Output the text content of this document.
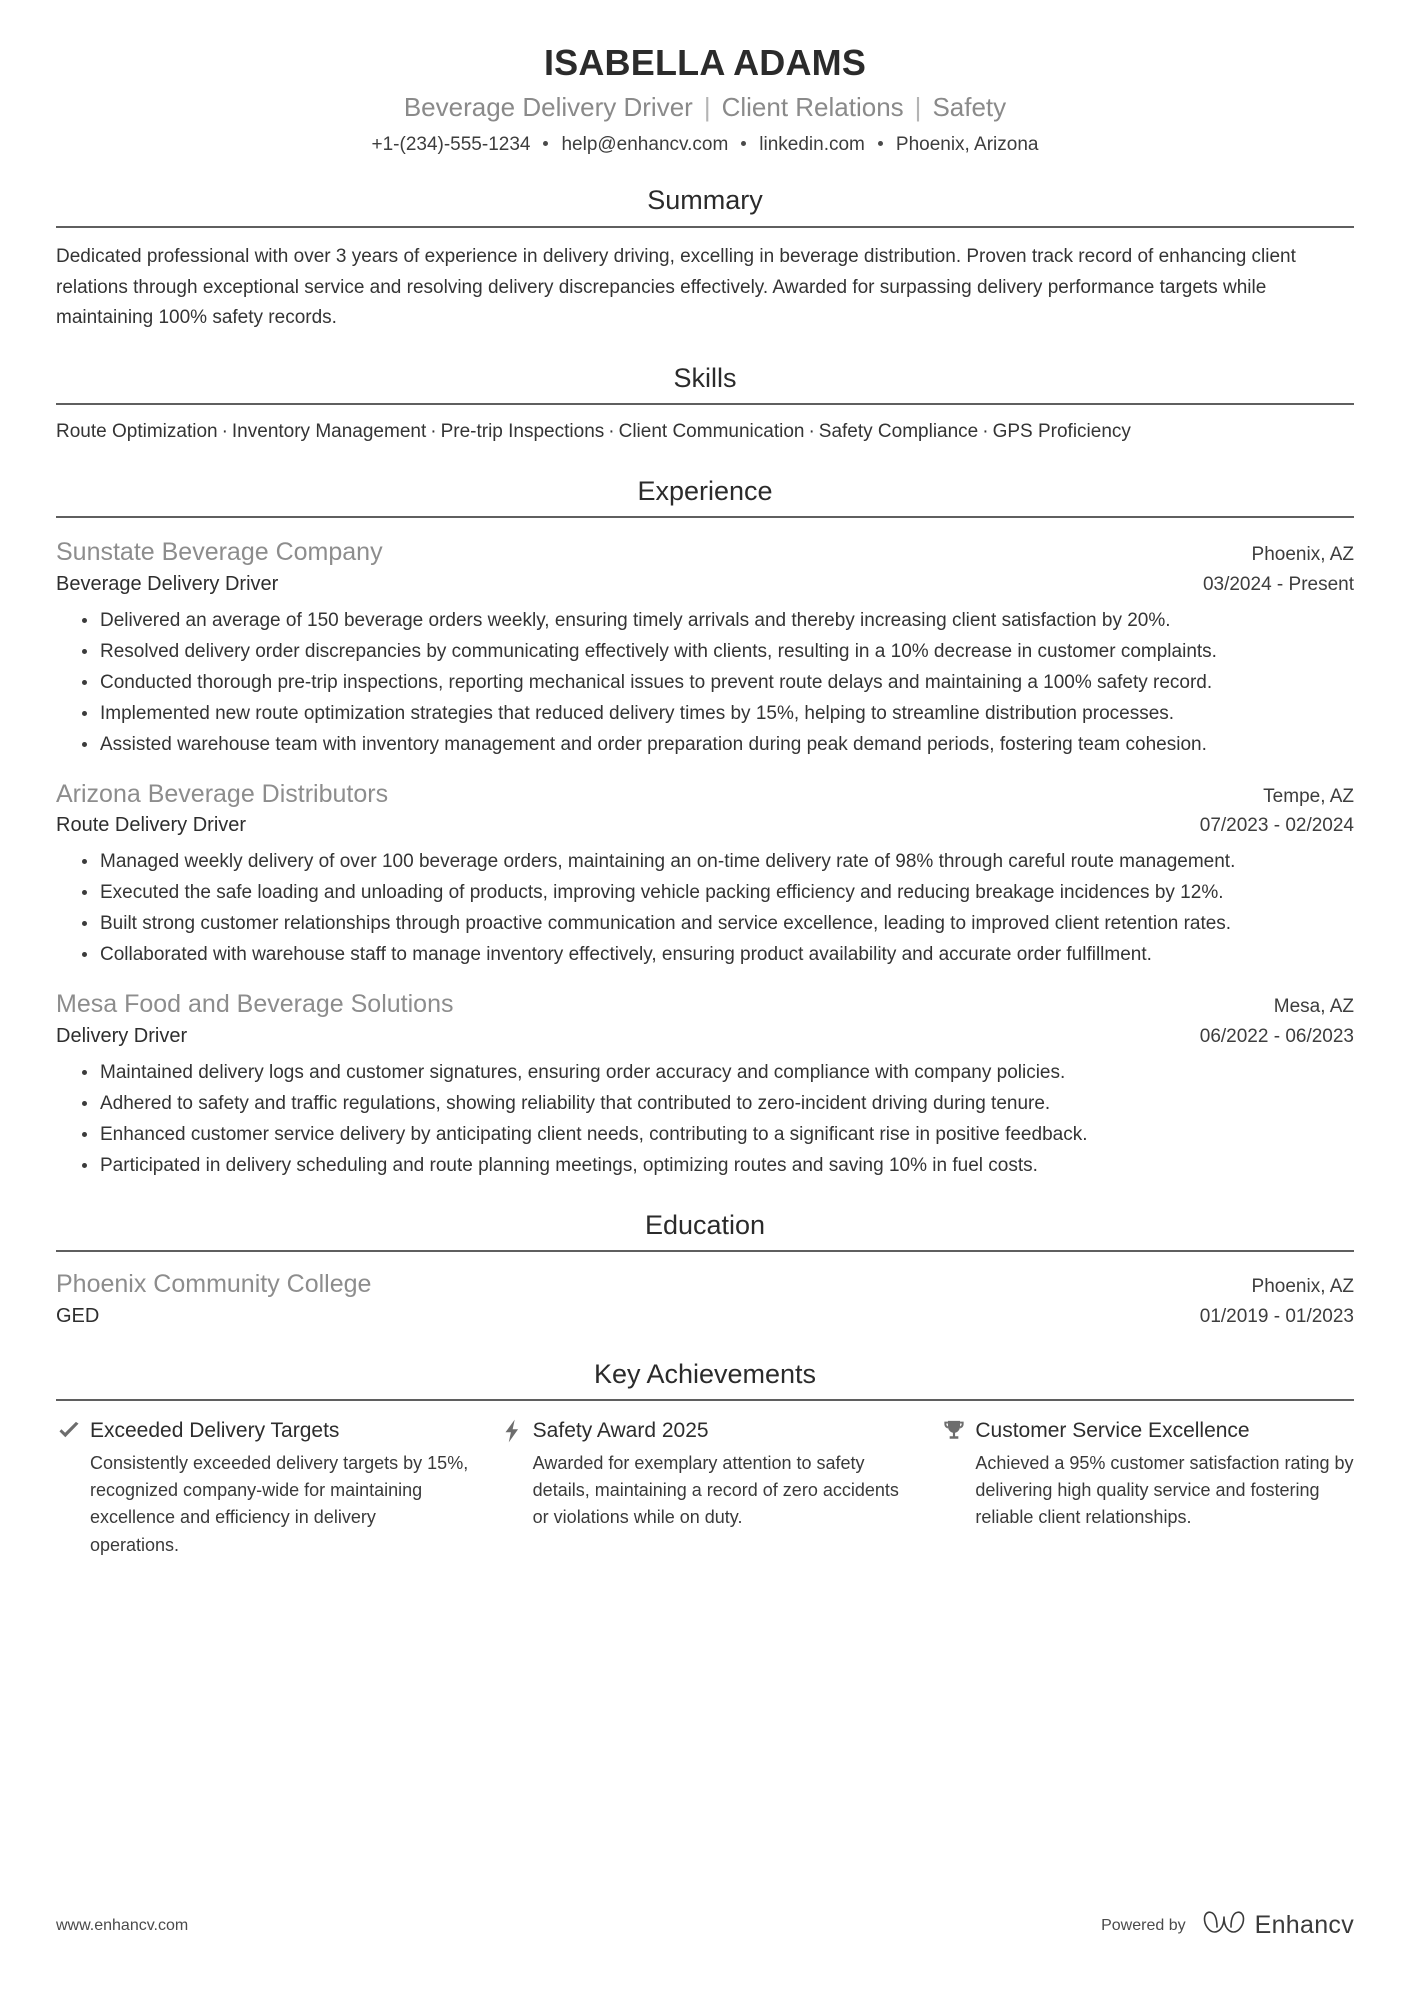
ISABELLA ADAMS
Beverage Delivery Driver | Client Relations | Safety
+1-(234)-555-1234 help@enhancv.com linkedin.com Phoenix, Arizona
Summary

Dedicated professional with over 3 years of experience in delivery driving, excelling in beverage distribution. Proven track record of enhancing client relations through exceptional service and resolving delivery discrepancies effectively. Awarded for surpassing delivery performance targets while maintaining 100% safety records.

Skills
Route Optimization · Inventory Management · Pre-trip Inspections · Client Communication · Safety Compliance · GPS Proficiency
Experience
Sunstate Beverage Company	Phoenix, AZ
Beverage Delivery Driver	03/2024 - Present
Delivered an average of 150 beverage orders weekly, ensuring timely arrivals and thereby increasing client satisfaction by 20%.
Resolved delivery order discrepancies by communicating effectively with clients, resulting in a 10% decrease in customer complaints.
Conducted thorough pre-trip inspections, reporting mechanical issues to prevent route delays and maintaining a 100% safety record.
Implemented new route optimization strategies that reduced delivery times by 15%, helping to streamline distribution processes.
Assisted warehouse team with inventory management and order preparation during peak demand periods, fostering team cohesion.
Arizona Beverage Distributors	Tempe, AZ
Route Delivery Driver	07/2023 - 02/2024
Managed weekly delivery of over 100 beverage orders, maintaining an on-time delivery rate of 98% through careful route management.
Executed the safe loading and unloading of products, improving vehicle packing efficiency and reducing breakage incidences by 12%.
Built strong customer relationships through proactive communication and service excellence, leading to improved client retention rates.
Collaborated with warehouse staff to manage inventory effectively, ensuring product availability and accurate order fulfillment.
Mesa Food and Beverage Solutions	Mesa, AZ
Delivery Driver	06/2022 - 06/2023
Maintained delivery logs and customer signatures, ensuring order accuracy and compliance with company policies.
Adhered to safety and traffic regulations, showing reliability that contributed to zero-incident driving during tenure.
Enhanced customer service delivery by anticipating client needs, contributing to a significant rise in positive feedback.
Participated in delivery scheduling and route planning meetings, optimizing routes and saving 10% in fuel costs.
Education
Phoenix Community College	Phoenix, AZ
GED	01/2019 - 01/2023
Key Achievements
Exceeded Delivery Targets
Consistently exceeded delivery targets by 15%, recognized company-wide for maintaining excellence and efficiency in delivery operations.
Safety Award 2025
Awarded for exemplary attention to safety details, maintaining a record of zero accidents or violations while on duty.
Customer Service Excellence
Achieved a 95% customer satisfaction rating by delivering high quality service and fostering reliable client relationships.
www.enhancv.com	Powered by	Enhancv
